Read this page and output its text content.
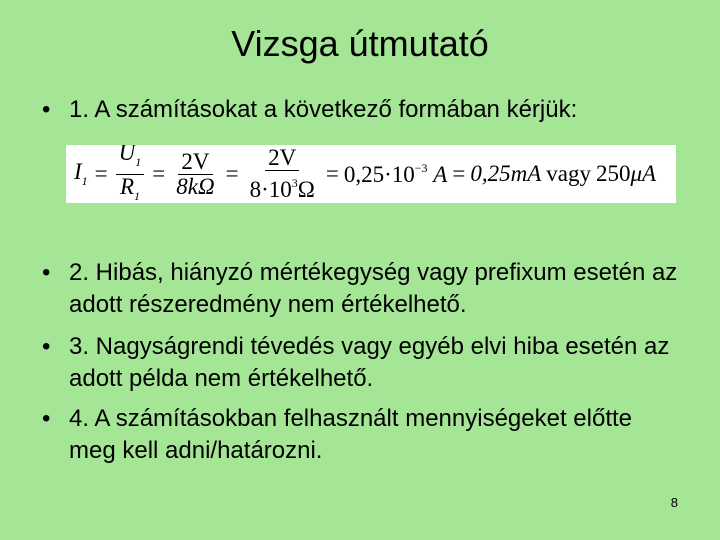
Vizsga útmutató
• 1. A számításokat a következő formában kérjük:
$I_1 = \frac{U_1}{R_1} = \frac{2V}{8k\Omega} = \frac{2V}{8\cdot 10^3\Omega} = 0,25\cdot 10^{-3}$ A = 0,25mA vagy 250μA
• 2. Hibás, hiányzó mértékegység vagy prefixum esetén az adott részeredmény nem értékelhető.
• 3. Nagyságrendi tévedés vagy egyéb elvi hiba esetén az adott példa nem értékelhető.
• 4. A számításokban felhasznált mennyiségeket előtte meg kell adni/határozni.
8
